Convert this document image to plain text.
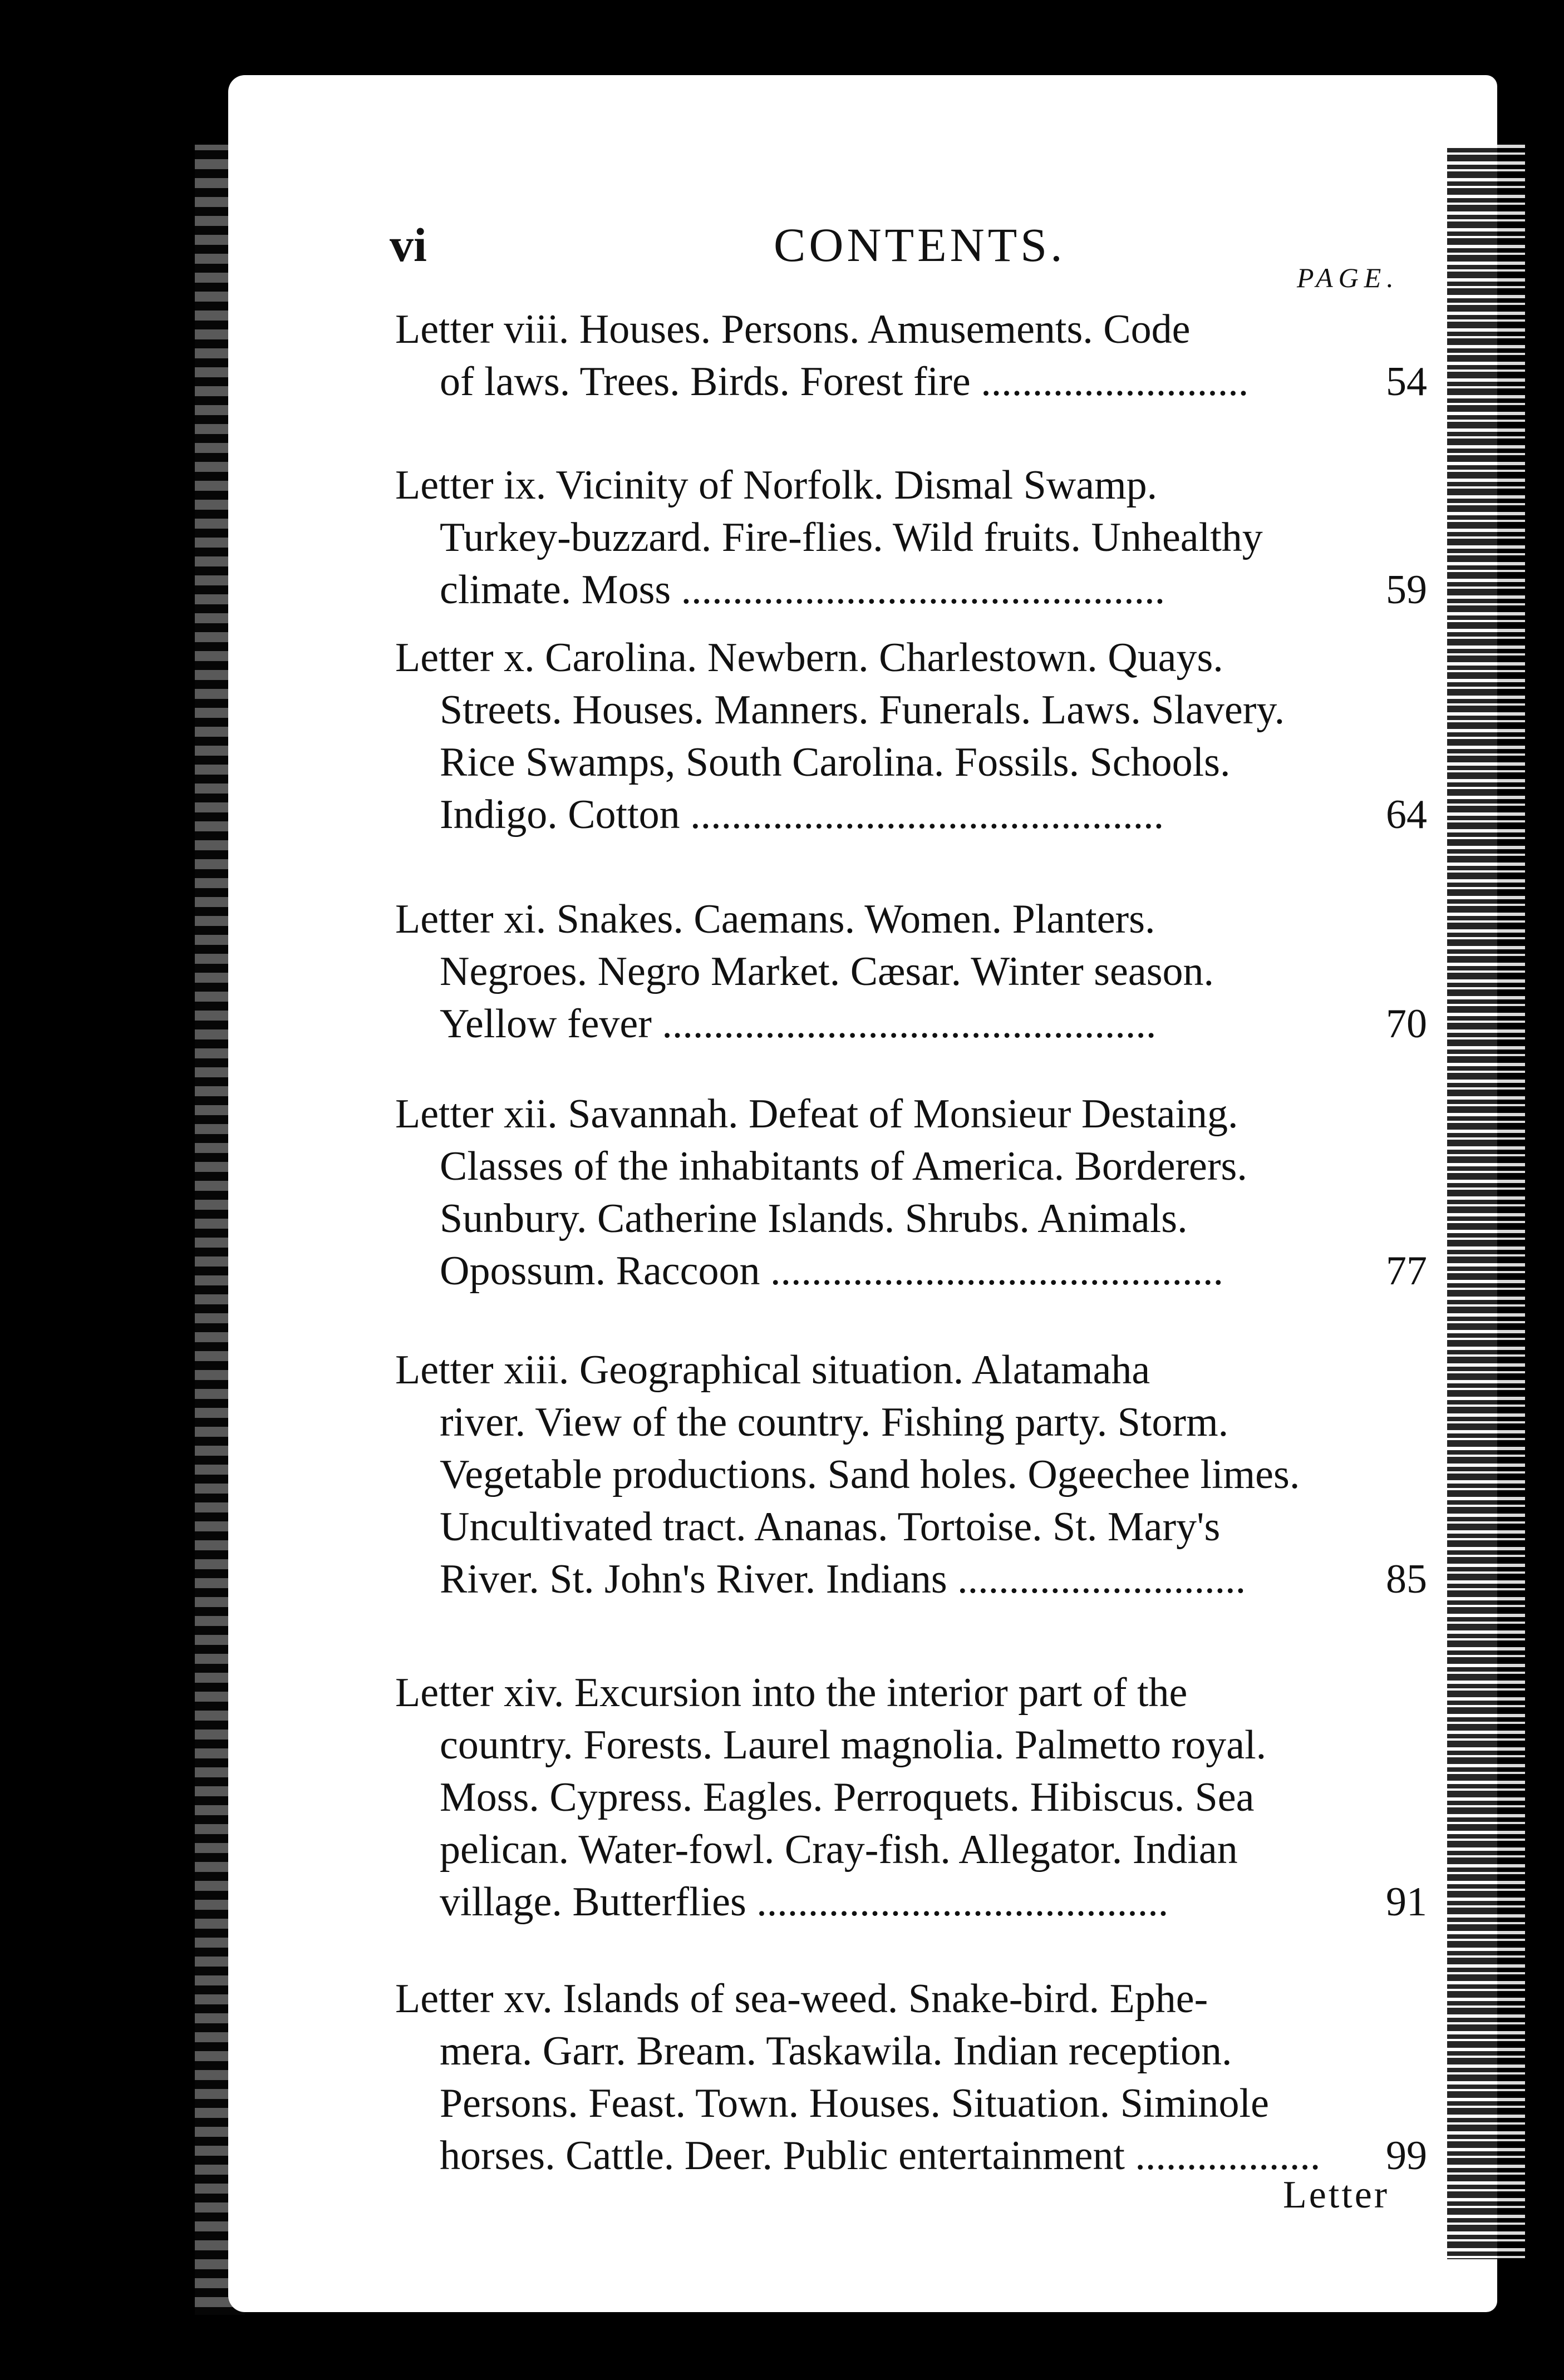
vi	CONTENTS.
PAGE.
Letter viii. Houses. Persons. Amusements. Code
of laws. Trees. Birds. Forest fire ..........................	54
Letter ix. Vicinity of Norfolk. Dismal Swamp.
Turkey-buzzard. Fire-flies. Wild fruits. Unhealthy
climate. Moss ...............................................	59
Letter x. Carolina. Newbern. Charlestown. Quays.
Streets. Houses. Manners. Funerals. Laws. Slavery.
Rice Swamps, South Carolina. Fossils. Schools.
Indigo. Cotton ..............................................	64
Letter xi. Snakes. Caemans. Women. Planters.
Negroes. Negro Market. Cæsar. Winter season.
Yellow fever ................................................	70
Letter xii. Savannah. Defeat of Monsieur Destaing.
Classes of the inhabitants of America. Borderers.
Sunbury. Catherine Islands. Shrubs. Animals.
Opossum. Raccoon ............................................	77
Letter xiii. Geographical situation. Alatamaha
river. View of the country. Fishing party. Storm.
Vegetable productions. Sand holes. Ogeechee limes.
Uncultivated tract. Ananas. Tortoise. St. Mary's
River. St. John's River. Indians ............................	85
Letter xiv. Excursion into the interior part of the
country. Forests. Laurel magnolia. Palmetto royal.
Moss. Cypress. Eagles. Perroquets. Hibiscus. Sea
pelican. Water-fowl. Cray-fish. Allegator. Indian
village. Butterflies ........................................	91
Letter xv. Islands of sea-weed. Snake-bird. Ephe-
mera. Garr. Bream. Taskawila. Indian reception.
Persons. Feast. Town. Houses. Situation. Siminole
horses. Cattle. Deer. Public entertainment .................. 99
Letter
